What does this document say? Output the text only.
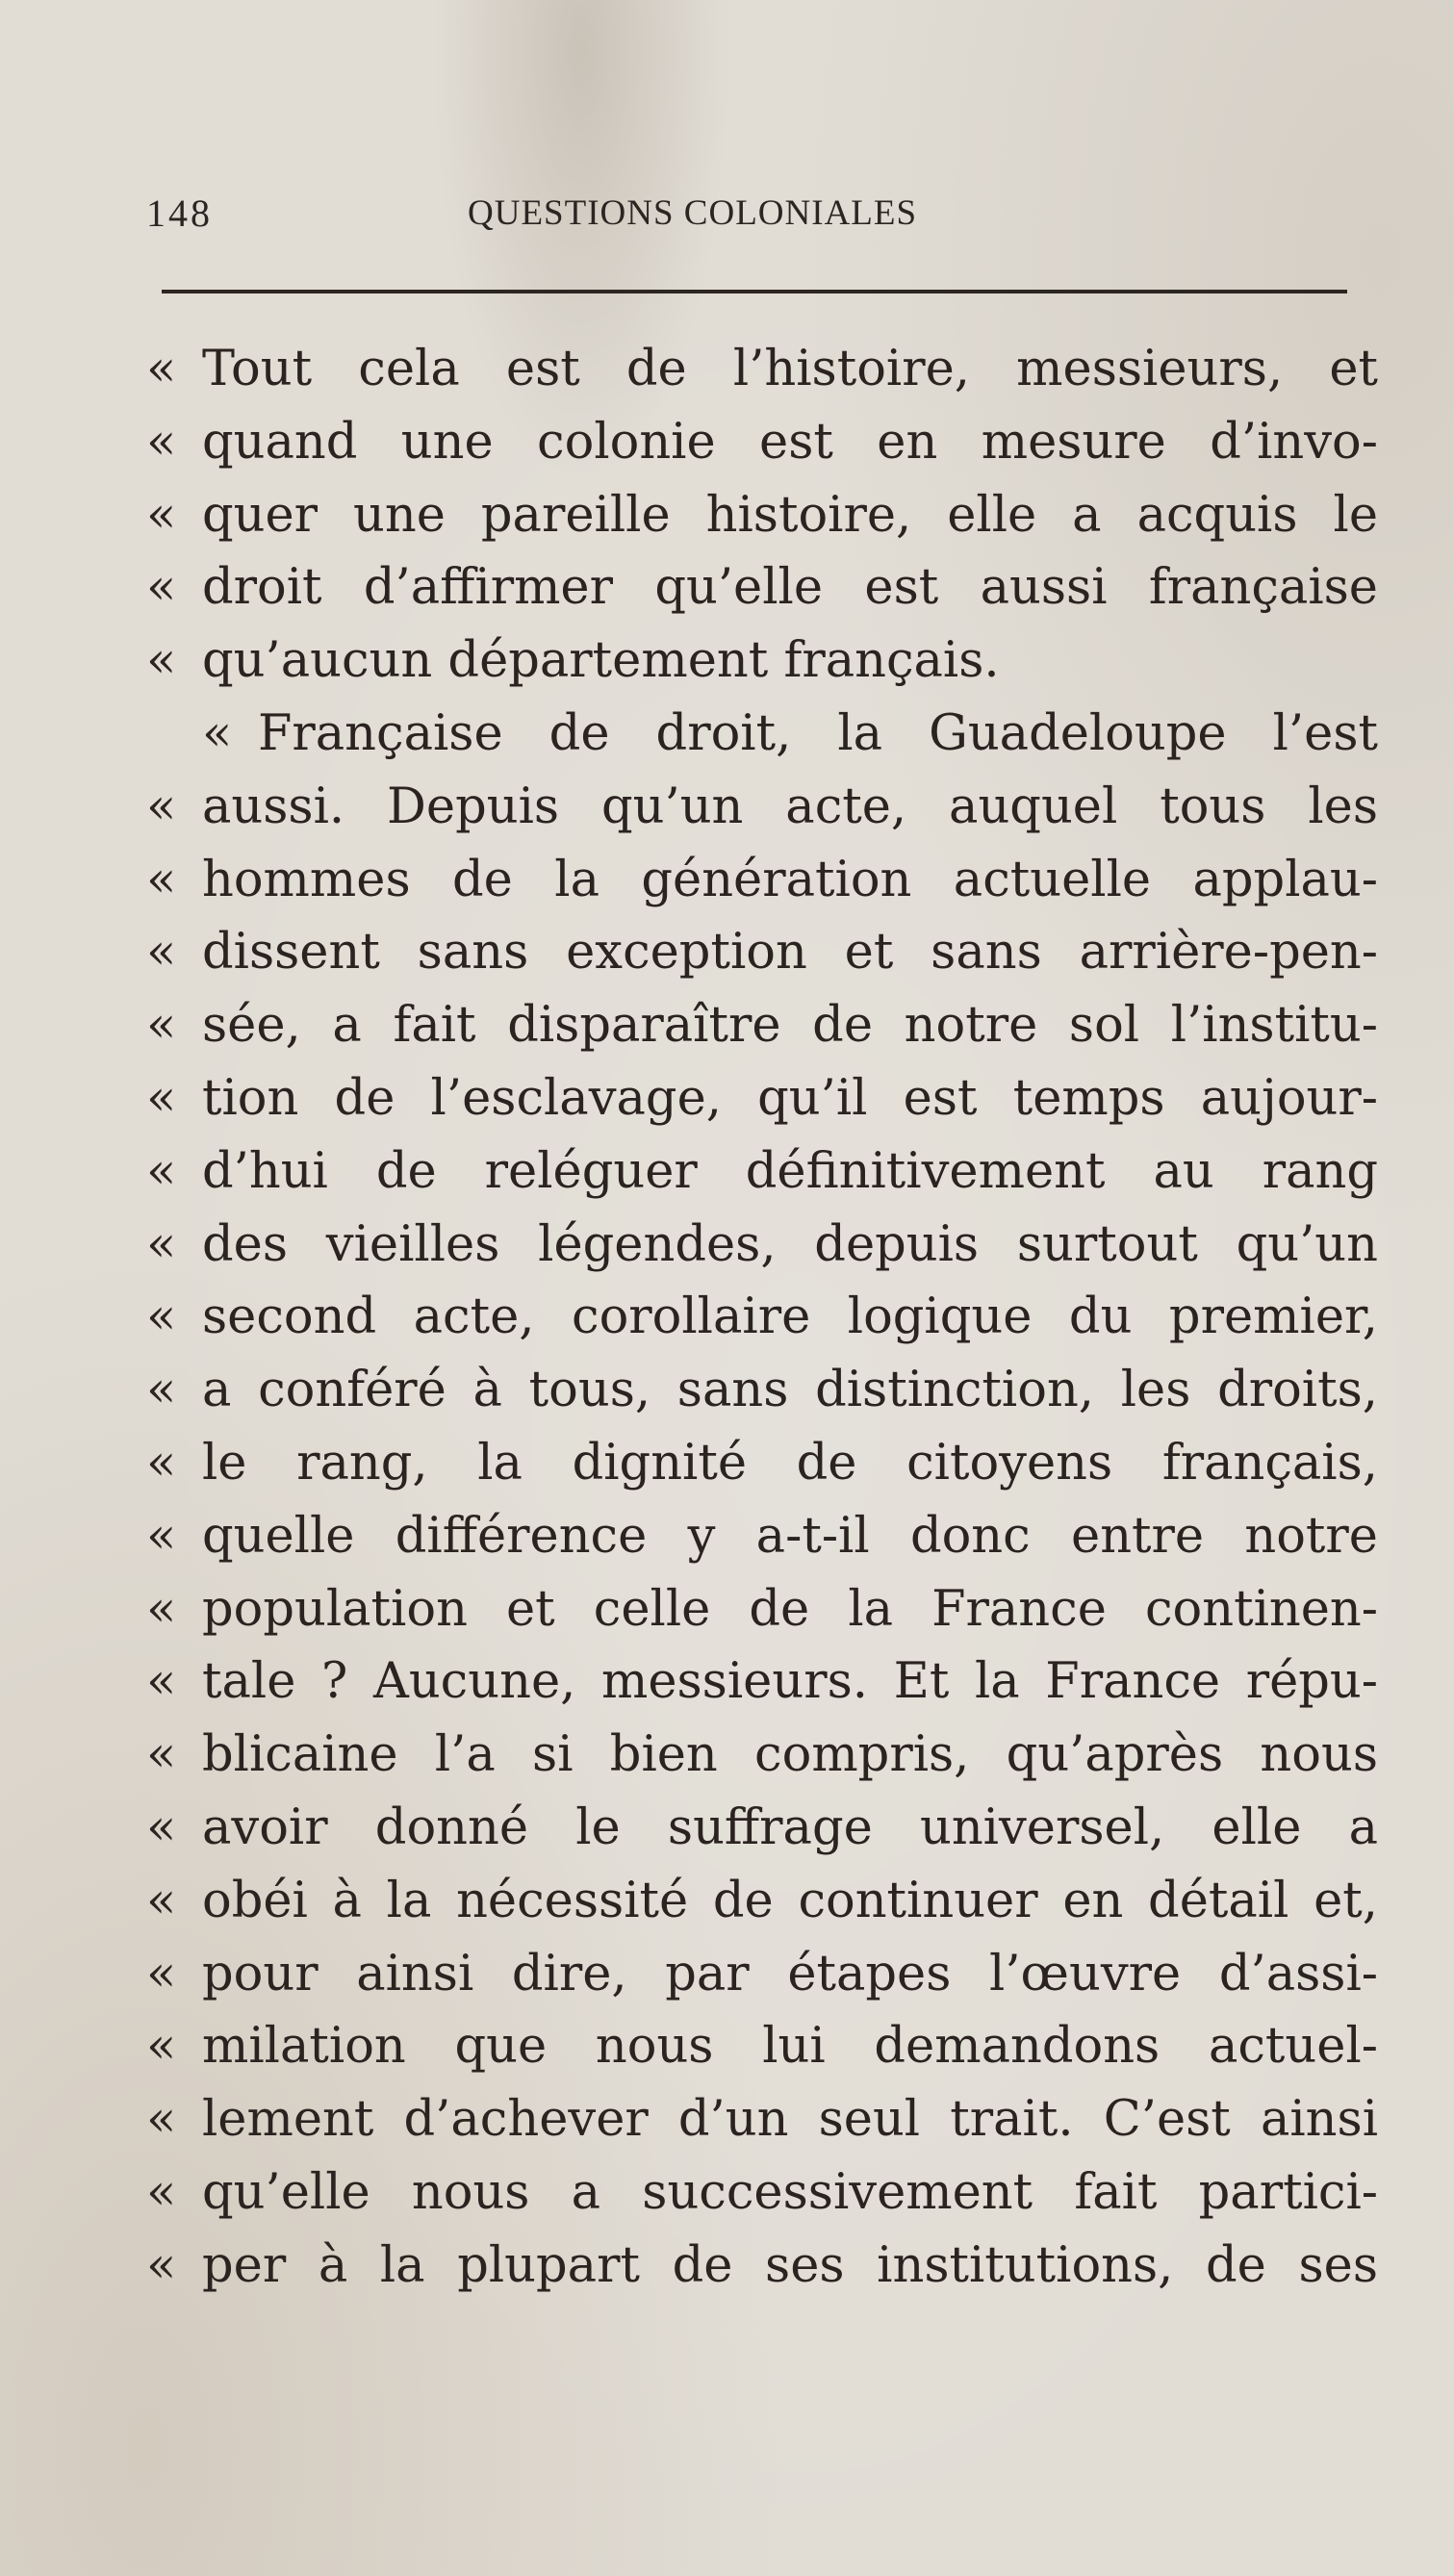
148	QUESTIONS COLONIALES
« Tout cela est de l’histoire, messieurs, et
« quand une colonie est en mesure d’invo-
« quer une pareille histoire, elle a acquis le
« droit d’affirmer qu’elle est aussi française
« qu’aucun département français.
« Française de droit, la Guadeloupe l’est
« aussi. Depuis qu’un acte, auquel tous les
« hommes de la génération actuelle applau-
« dissent sans exception et sans arrière-pen-
« sée, a fait disparaître de notre sol l’institu-
« tion de l’esclavage, qu’il est temps aujour-
« d’hui de reléguer définitivement au rang
« des vieilles légendes, depuis surtout qu’un
« second acte, corollaire logique du premier,
« a conféré à tous, sans distinction, les droits,
« le rang, la dignité de citoyens français,
« quelle différence y a-t-il donc entre notre
« population et celle de la France continen-
« tale ? Aucune, messieurs. Et la France répu-
« blicaine l’a si bien compris, qu’après nous
« avoir donné le suffrage universel, elle a
« obéi à la nécessité de continuer en détail et,
« pour ainsi dire, par étapes l’œuvre d’assi-
« milation que nous lui demandons actuel-
« lement d’achever d’un seul trait. C’est ainsi
« qu’elle nous a successivement fait partici-
« per à la plupart de ses institutions, de ses
